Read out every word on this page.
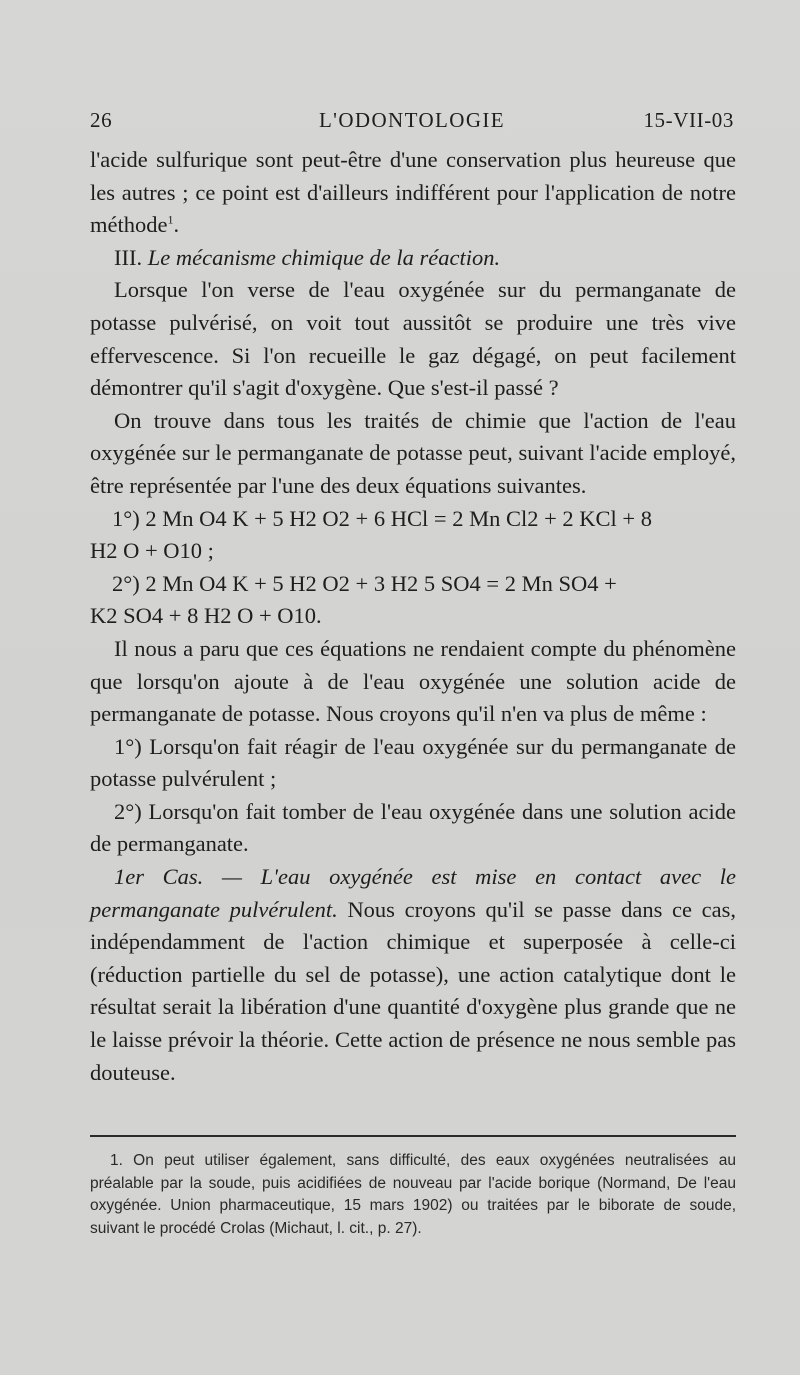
26	L'ODONTOLOGIE	15-VII-03

l'acide sulfurique sont peut-être d'une conservation plus heureuse que les autres ; ce point est d'ailleurs indifférent pour l'application de notre méthode$^1$.

III. Le mécanisme chimique de la réaction.

Lorsque l'on verse de l'eau oxygénée sur du permanganate de potasse pulvérisé, on voit tout aussitôt se produire une très vive effervescence. Si l'on recueille le gaz dégagé, on peut facilement démontrer qu'il s'agit d'oxygène. Que s'est-il passé ?

On trouve dans tous les traités de chimie que l'action de l'eau oxygénée sur le permanganate de potasse peut, suivant l'acide employé, être représentée par l'une des deux équations suivantes.

1°) 2 Mn O4 K + 5 H2 O2 + 6 HCl = 2 Mn Cl2 + 2 KCl + 8

H2 O + O10 ;

2°) 2 Mn O4 K + 5 H2 O2 + 3 H2 5 SO4 = 2 Mn SO4 +

K2 SO4 + 8 H2 O + O10.

Il nous a paru que ces équations ne rendaient compte du phénomène que lorsqu'on ajoute à de l'eau oxygénée une solution acide de permanganate de potasse. Nous croyons qu'il n'en va plus de même :

1°) Lorsqu'on fait réagir de l'eau oxygénée sur du permanganate de potasse pulvérulent ;

2°) Lorsqu'on fait tomber de l'eau oxygénée dans une solution acide de permanganate.

1er Cas. — L'eau oxygénée est mise en contact avec le permanganate pulvérulent. Nous croyons qu'il se passe dans ce cas, indépendamment de l'action chimique et superposée à celle-ci (réduction partielle du sel de potasse), une action catalytique dont le résultat serait la libération d'une quantité d'oxygène plus grande que ne le laisse prévoir la théorie. Cette action de présence ne nous semble pas douteuse.

1. On peut utiliser également, sans difficulté, des eaux oxygénées neutralisées au préalable par la soude, puis acidifiées de nouveau par l'acide borique (Normand, De l'eau oxygénée. Union pharmaceutique, 15 mars 1902) ou traitées par le biborate de soude, suivant le procédé Crolas (Michaut, l. cit., p. 27).
